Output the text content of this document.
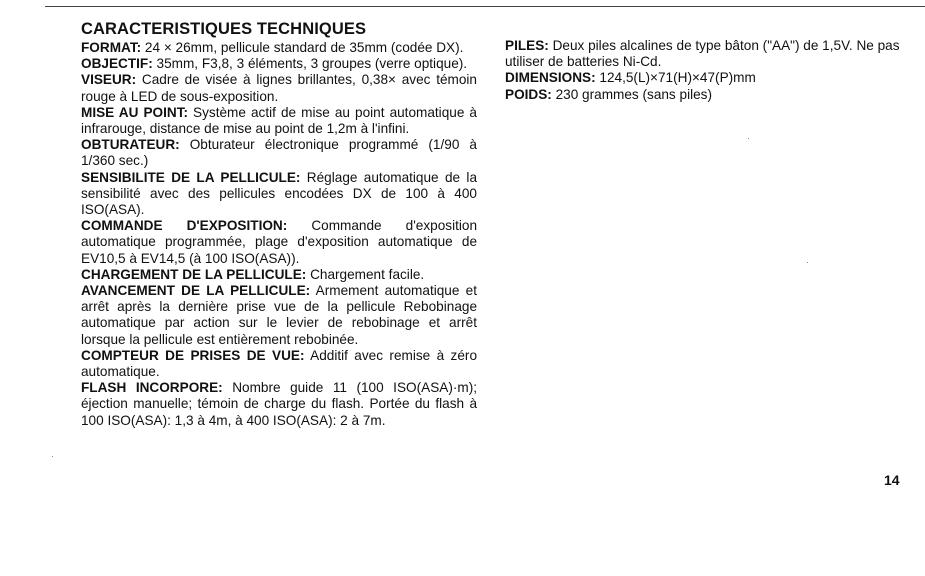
CARACTERISTIQUES TECHNIQUES

FORMAT: 24 × 26mm, pellicule standard de 35mm (codée DX).

OBJECTIF: 35mm, F3,8, 3 éléments, 3 groupes (verre optique).

VISEUR: Cadre de visée à lignes brillantes, 0,38× avec témoin rouge à LED de sous-exposition.

MISE AU POINT: Système actif de mise au point automatique à infrarouge, distance de mise au point de 1,2m à l'infini.

OBTURATEUR: Obturateur électronique programmé (1/90 à 1/360 sec.)

SENSIBILITE DE LA PELLICULE: Réglage automatique de la sensibilité avec des pellicules encodées DX de 100 à 400 ISO(ASA).

COMMANDE D'EXPOSITION: Commande d'exposition automatique programmée, plage d'exposition automatique de EV10,5 à EV14,5 (à 100 ISO(ASA)).

CHARGEMENT DE LA PELLICULE: Chargement facile.

AVANCEMENT DE LA PELLICULE: Armement automatique et arrêt après la dernière prise vue de la pellicule Rebobinage automatique par action sur le levier de rebobinage et arrêt lorsque la pellicule est entièrement rebobinée.

COMPTEUR DE PRISES DE VUE: Additif avec remise à zéro automatique.

FLASH INCORPORE: Nombre guide 11 (100 ISO(ASA)·m); éjection manuelle; témoin de charge du flash. Portée du flash à 100 ISO(ASA): 1,3 à 4m, à 400 ISO(ASA): 2 à 7m.

PILES: Deux piles alcalines de type bâton ("AA") de 1,5V. Ne pas utiliser de batteries Ni-Cd.

DIMENSIONS: 124,5(L)×71(H)×47(P)mm

POIDS: 230 grammes (sans piles)

14
